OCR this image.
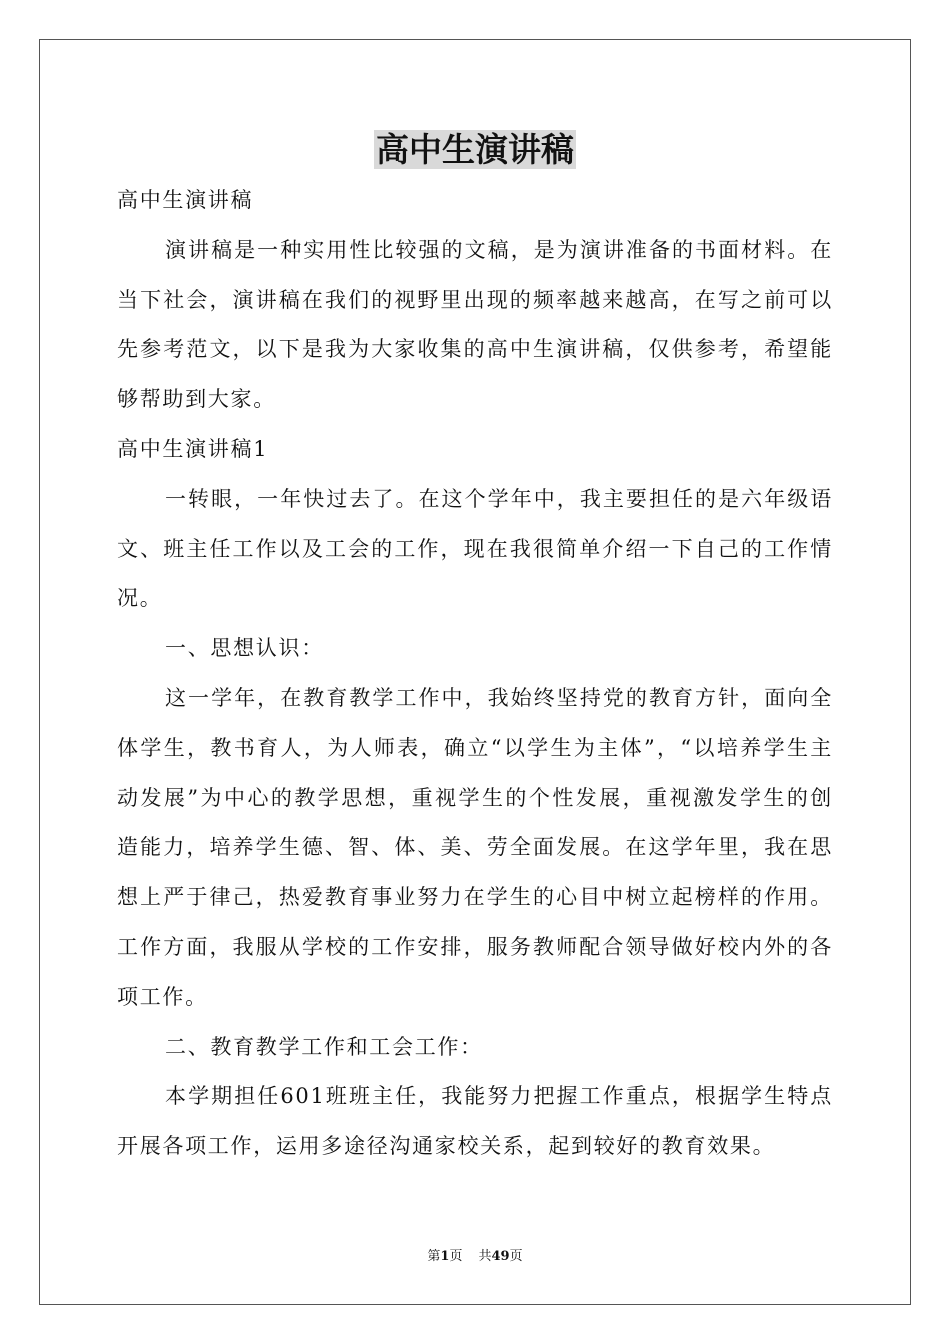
高中生演讲稿

高中生演讲稿

演讲稿是一种实用性比较强的文稿，是为演讲准备的书面材料。在当下社会，演讲稿在我们的视野里出现的频率越来越高，在写之前可以先参考范文，以下是我为大家收集的高中生演讲稿，仅供参考，希望能够帮助到大家。

高中生演讲稿1

一转眼，一年快过去了。在这个学年中，我主要担任的是六年级语文、班主任工作以及工会的工作，现在我很简单介绍一下自己的工作情况。

一、思想认识：

这一学年，在教育教学工作中，我始终坚持党的教育方针，面向全体学生，教书育人，为人师表，确立“以学生为主体”，“以培养学生主动发展”为中心的教学思想，重视学生的个性发展，重视激发学生的创造能力，培养学生德、智、体、美、劳全面发展。在这学年里，我在思想上严于律己，热爱教育事业努力在学生的心目中树立起榜样的作用。工作方面，我服从学校的工作安排，服务教师配合领导做好校内外的各项工作。

二、教育教学工作和工会工作：

本学期担任601班班主任，我能努力把握工作重点，根据学生特点开展各项工作，运用多途径沟通家校关系，起到较好的教育效果。

第1页 共49页
